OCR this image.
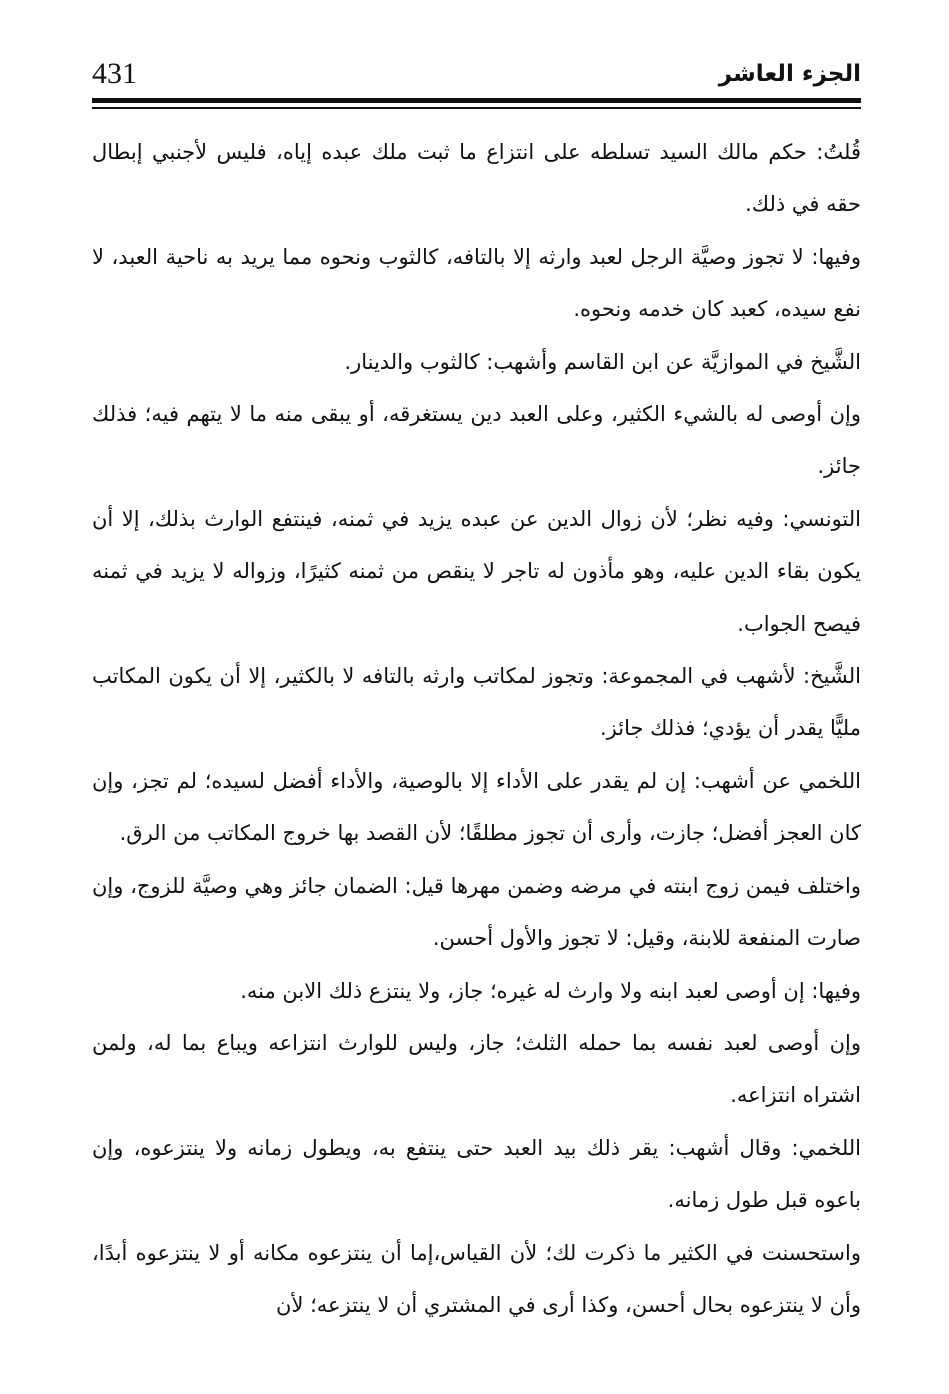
431	الجزء العاشر

قُلتُ: حكم مالك السيد تسلطه على انتزاع ما ثبت ملك عبده إياه، فليس لأجنبي إبطال حقه في ذلك.

وفيها: لا تجوز وصيَّة الرجل لعبد وارثه إلا بالتافه، كالثوب ونحوه مما يريد به ناحية العبد، لا نفع سيده، كعبد كان خدمه ونحوه.

الشَّيخ في الموازيَّة عن ابن القاسم وأشهب: كالثوب والدينار.

وإن أوصى له بالشيء الكثير، وعلى العبد دين يستغرقه، أو يبقى منه ما لا يتهم فيه؛ فذلك جائز.

التونسي: وفيه نظر؛ لأن زوال الدين عن عبده يزيد في ثمنه، فينتفع الوارث بذلك، إلا أن يكون بقاء الدين عليه، وهو مأذون له تاجر لا ينقص من ثمنه كثيرًا، وزواله لا يزيد في ثمنه فيصح الجواب.

الشَّيخ: لأشهب في المجموعة: وتجوز لمكاتب وارثه بالتافه لا بالكثير، إلا أن يكون المكاتب مليًّا يقدر أن يؤدي؛ فذلك جائز.

اللخمي عن أشهب: إن لم يقدر على الأداء إلا بالوصية، والأداء أفضل لسيده؛ لم تجز، وإن كان العجز أفضل؛ جازت، وأرى أن تجوز مطلقًا؛ لأن القصد بها خروج المكاتب من الرق.

واختلف فيمن زوج ابنته في مرضه وضمن مهرها قيل: الضمان جائز وهي وصيَّة للزوج، وإن صارت المنفعة للابنة، وقيل: لا تجوز والأول أحسن.

وفيها: إن أوصى لعبد ابنه ولا وارث له غيره؛ جاز، ولا ينتزع ذلك الابن منه.

وإن أوصى لعبد نفسه بما حمله الثلث؛ جاز، وليس للوارث انتزاعه ويباع بما له، ولمن اشتراه انتزاعه.

اللخمي: وقال أشهب: يقر ذلك بيد العبد حتى ينتفع به، ويطول زمانه ولا ينتزعوه، وإن باعوه قبل طول زمانه.

واستحسنت في الكثير ما ذكرت لك؛ لأن القياس،إما أن ينتزعوه مكانه أو لا ينتزعوه أبدًا، وأن لا ينتزعوه بحال أحسن، وكذا أرى في المشتري أن لا ينتزعه؛ لأن
